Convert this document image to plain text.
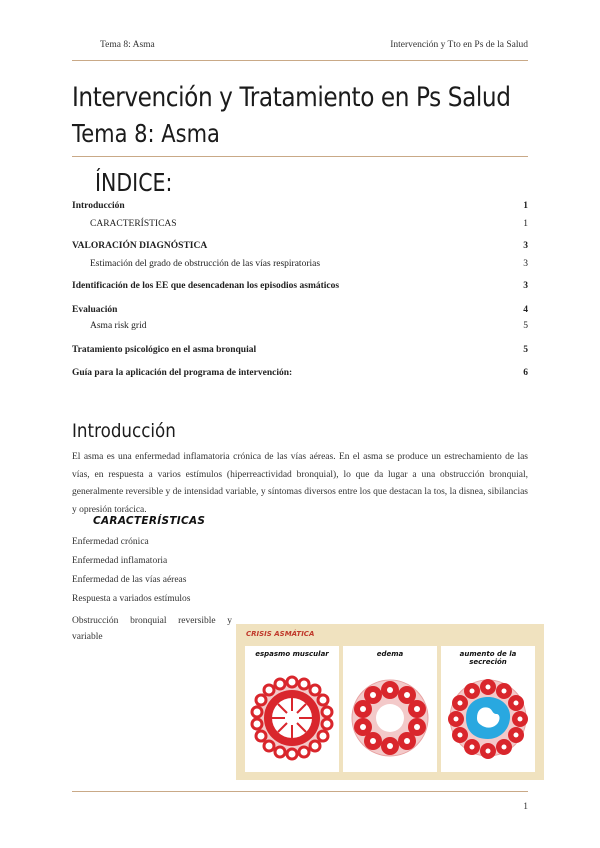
Tema 8: Asma	Intervención y Tto en Ps de la Salud
Intervención y Tratamiento en Ps Salud
Tema 8: Asma
ÍNDICE:
Introducción	1
CARACTERÍSTICAS	1
VALORACIÓN DIAGNÓSTICA	3
Estimación del grado de obstrucción de las vías respiratorias	3
Identificación de los EE que desencadenan los episodios asmáticos	3
Evaluación	4
Asma risk grid	5
Tratamiento psicológico en el asma bronquial	5
Guía para la aplicación del programa de intervención:	6
Introducción
El asma es una enfermedad inflamatoria crónica de las vías aéreas. En el asma se produce un estrechamiento de las vías, en respuesta a varios estímulos (hiperreactividad bronquial), lo que da lugar a una obstrucción bronquial, generalmente reversible y de intensidad variable, y síntomas diversos entre los que destacan la tos, la disnea, sibilancias y opresión torácica.
CARACTERÍSTICAS
Enfermedad crónica
Enfermedad inflamatoria
Enfermedad de las vías aéreas
Respuesta a variados estímulos
Obstrucción bronquial reversible y variable	CRISIS ASMÁTICA
espasmo muscular	edema	aumento de la secreción
1
